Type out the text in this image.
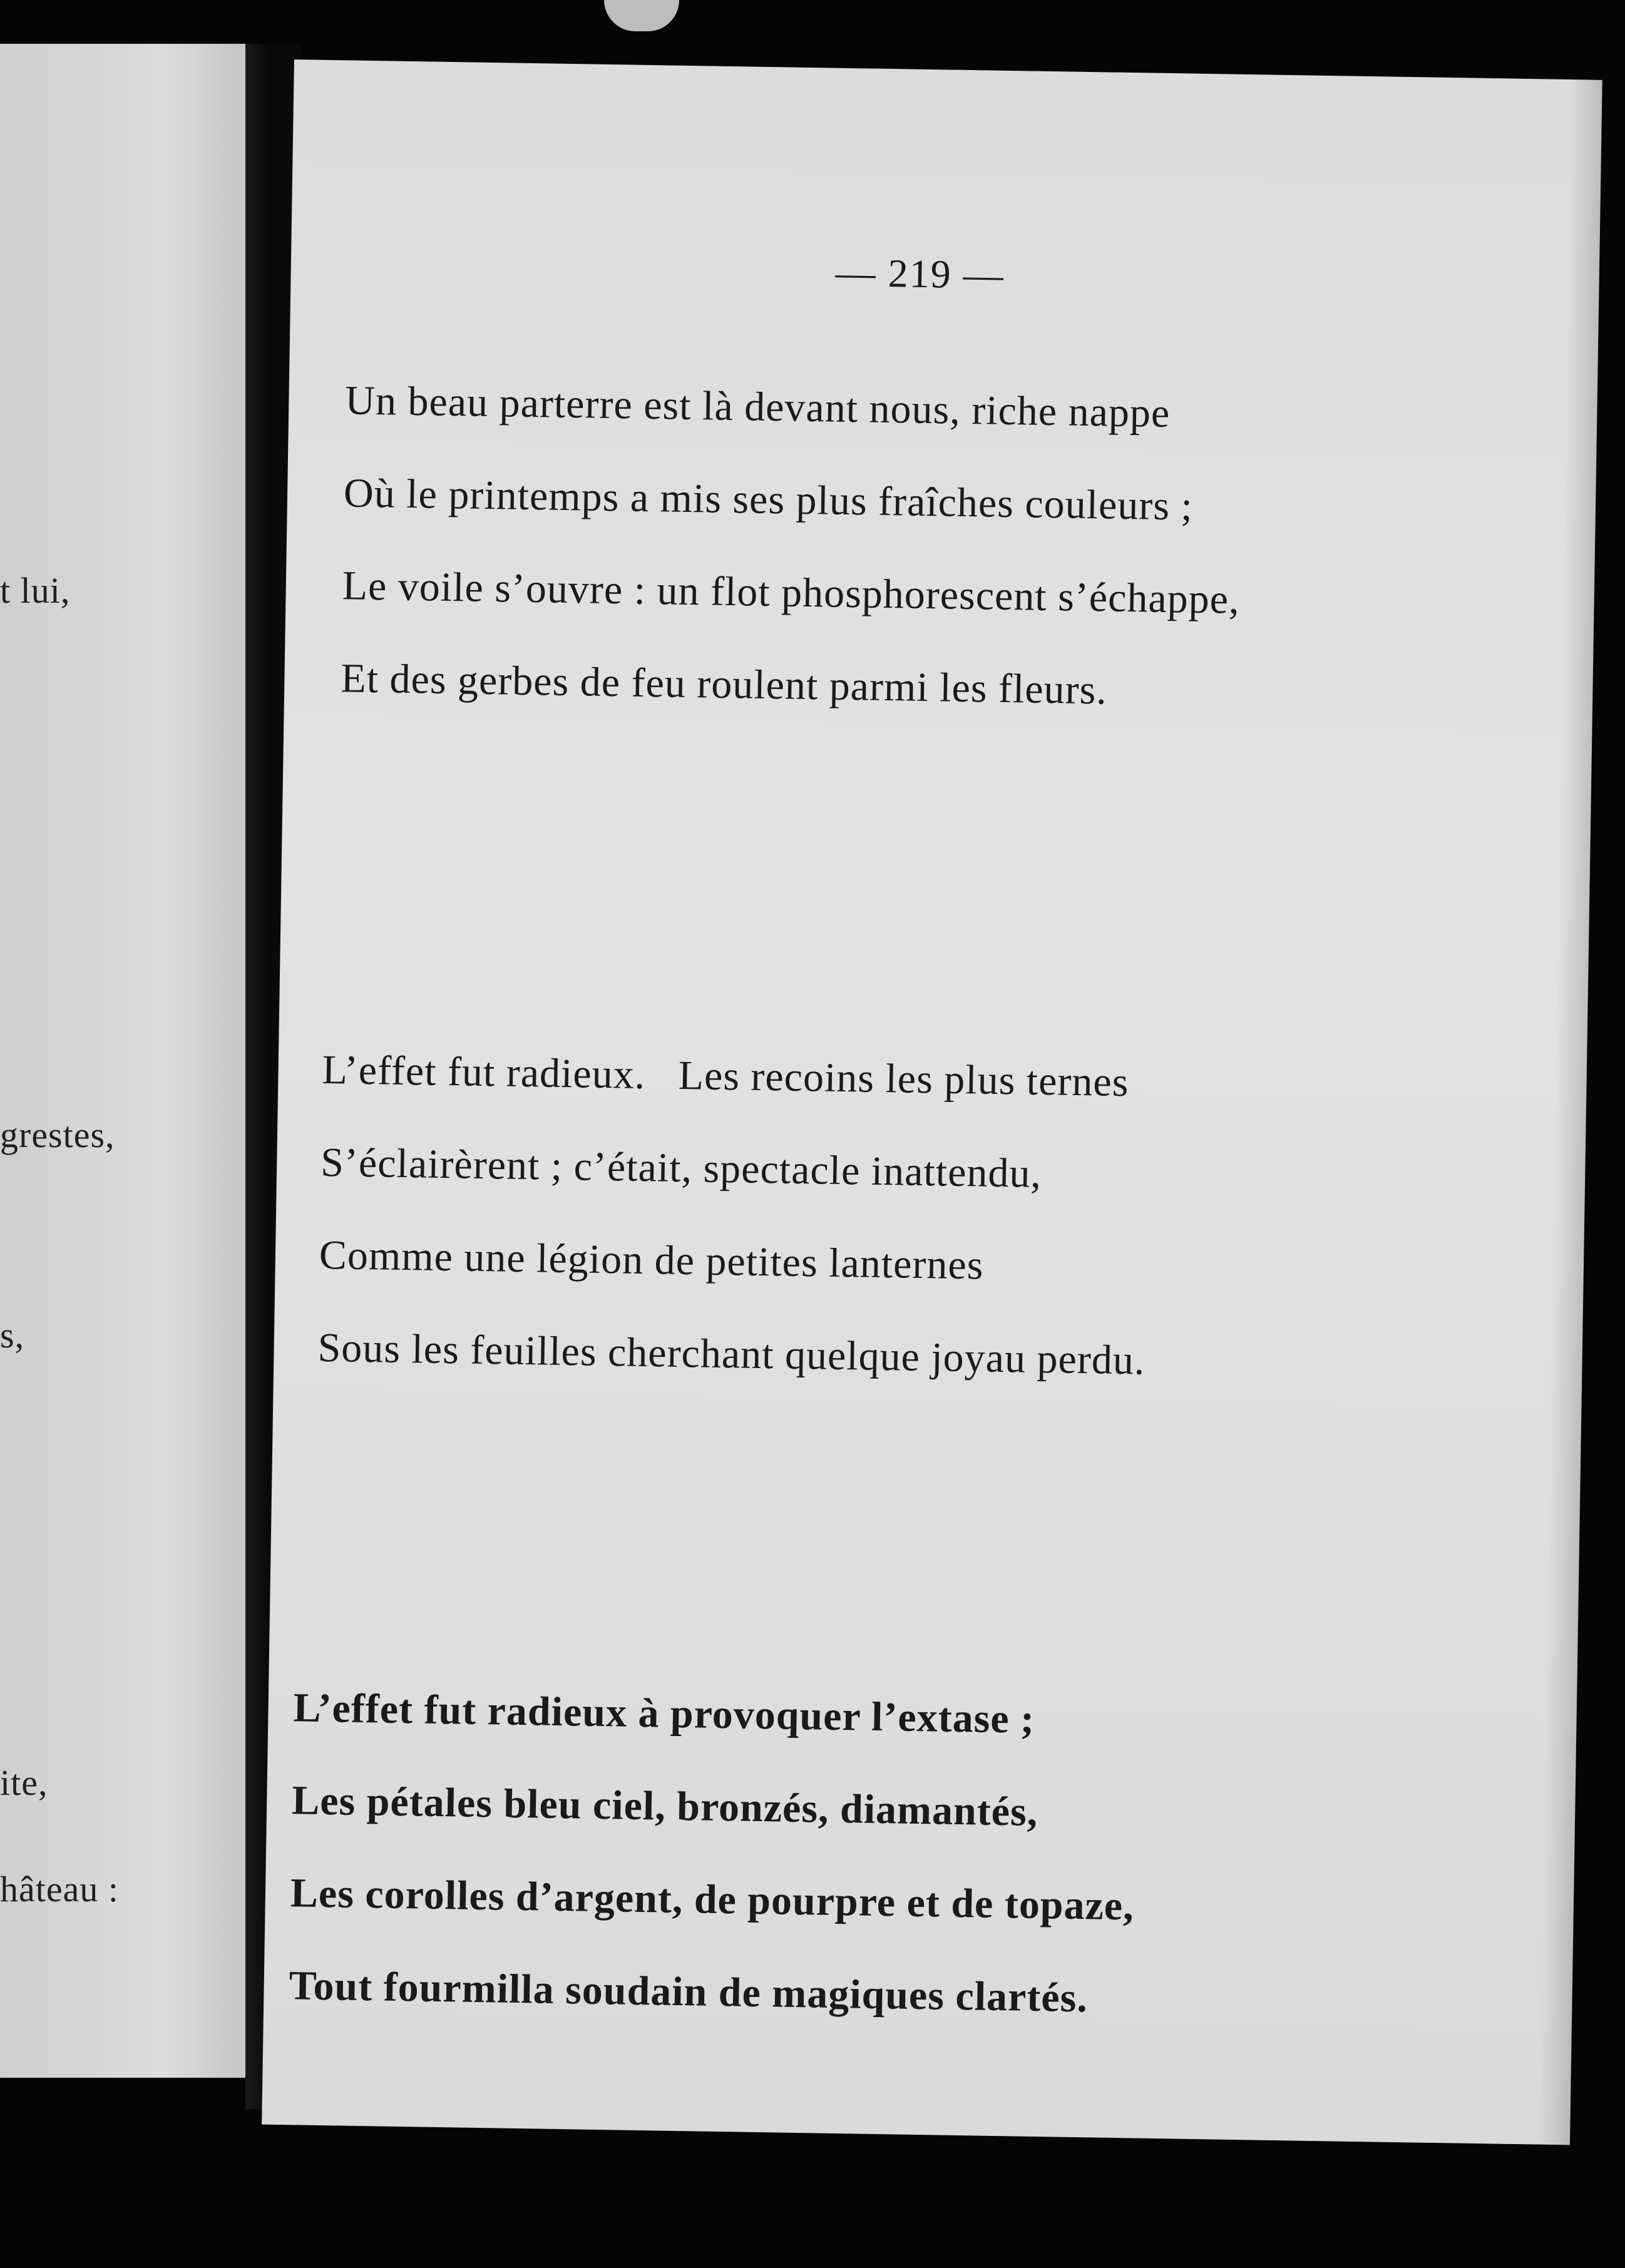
t lui,
grestes,
s,
ite,
hâteau :
— 219 —
Un beau parterre est là devant nous, riche nappe
Où le printemps a mis ses plus fraîches couleurs ;
Le voile s’ouvre : un flot phosphorescent s’échappe,
Et des gerbes de feu roulent parmi les fleurs.
L’effet fut radieux.   Les recoins les plus ternes
S’éclairèrent ; c’était, spectacle inattendu,
Comme une légion de petites lanternes
Sous les feuilles cherchant quelque joyau perdu.
L’effet fut radieux à provoquer l’extase ;
Les pétales bleu ciel, bronzés, diamantés,
Les corolles d’argent, de pourpre et de topaze,
Tout fourmilla soudain de magiques clartés.
